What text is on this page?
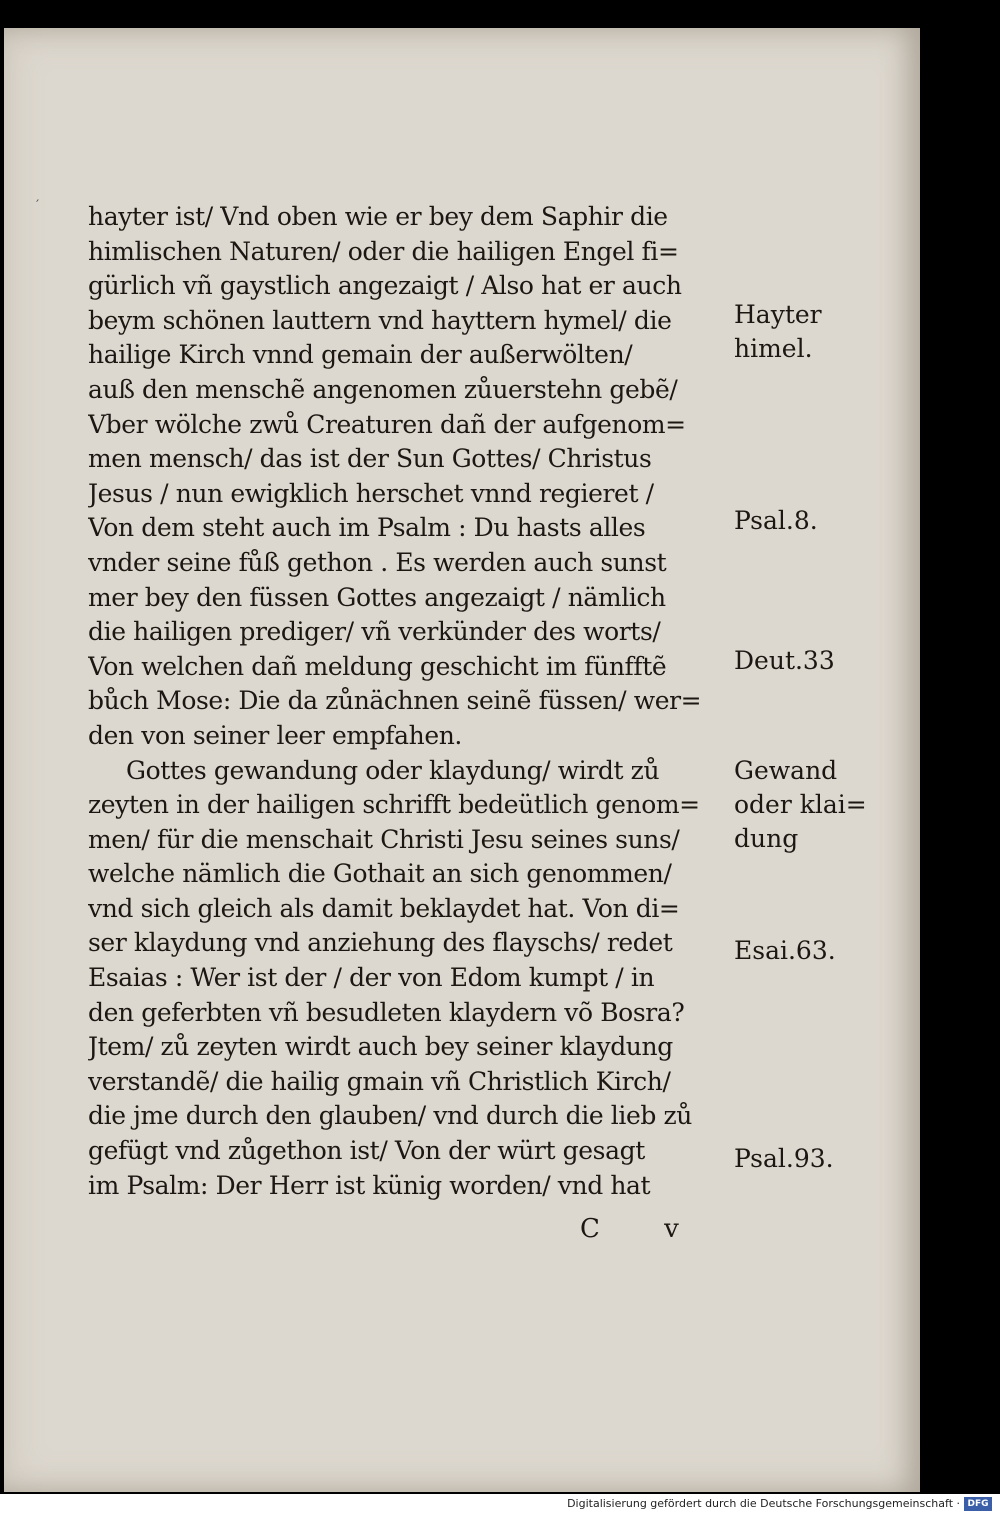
′ hayter ist/ Vnd oben wie er bey dem Saphir die
himlischen Naturen/ oder die hailigen Engel fi=
gürlich vñ gaystlich angezaigt / Also hat er auch
beym schönen lauttern vnd hayttern hymel/ die
hailige Kirch vnnd gemain der außerwölten/
auß den menschẽ angenomen zůuerstehn gebẽ/
Vber wölche zwů Creaturen dañ der aufgenom=
men mensch/ das ist der Sun Gottes/ Christus
Jesus / nun ewigklich herschet vnnd regieret /
Von dem steht auch im Psalm : Du hasts alles
vnder seine fůß gethon . Es werden auch sunst
mer bey den füssen Gottes angezaigt / nämlich
die hailigen prediger/ vñ verkünder des worts/
Von welchen dañ meldung geschicht im fünfftẽ
bůch Mose: Die da zůnächnen seinẽ füssen/ wer=
den von seiner leer empfahen.
Gottes gewandung oder klaydung/ wirdt zů
zeyten in der hailigen schrifft bedeütlich genom=
men/ für die menschait Christi Jesu seines suns/
welche nämlich die Gothait an sich genommen/
vnd sich gleich als damit beklaydet hat. Von di=
ser klaydung vnd anziehung des flayschs/ redet
Esaias : Wer ist der / der von Edom kumpt / in
den geferbten vñ besudleten klaydern võ Bosra?
Jtem/ zů zeyten wirdt auch bey seiner klaydung
verstandẽ/ die hailig gmain vñ Christlich Kirch/
die jme durch den glauben/ vnd durch die lieb zů
gefügt vnd zůgethon ist/ Von der würt gesagt
im Psalm: Der Herr ist künig worden/ vnd hat
Hayter
himel.
Psal.8.
Deut.33
Gewand
oder klai=
dung
Esai.63.
Psal.93.
C v
Digitalisierung gefördert durch die Deutsche Forschungsgemeinschaft · DFG
